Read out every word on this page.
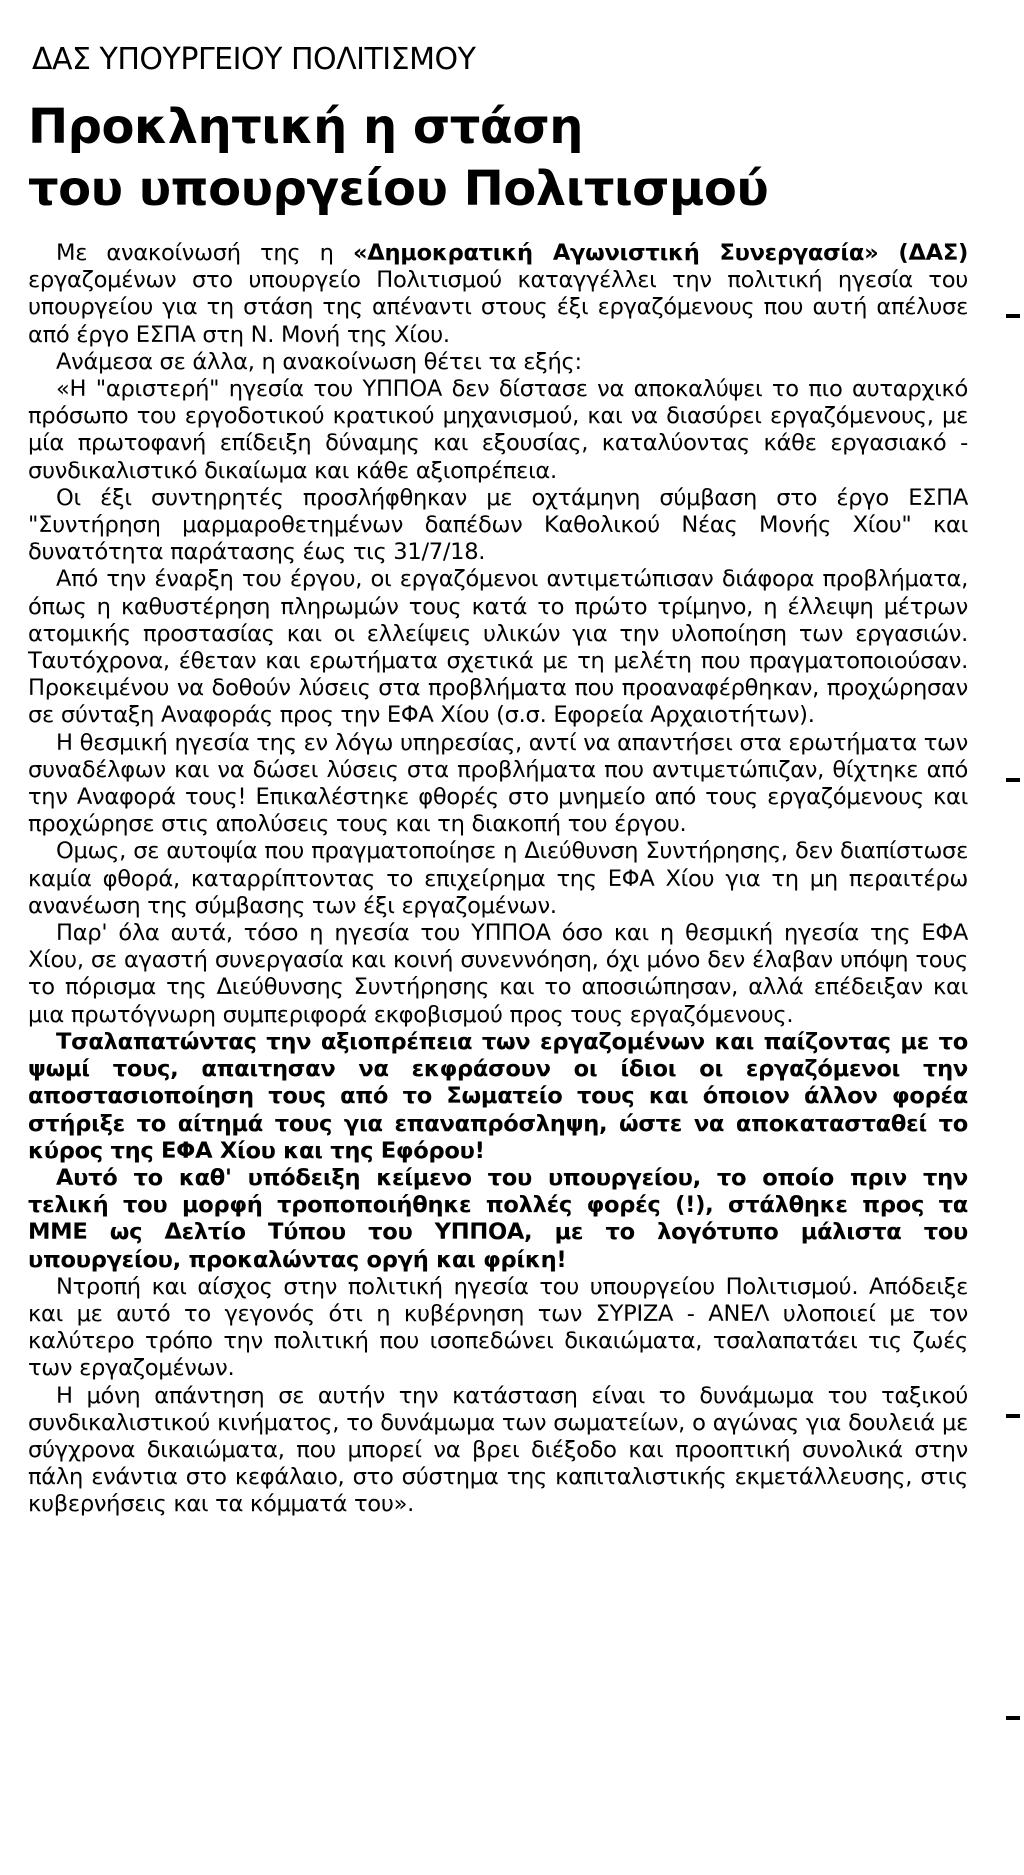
ΔΑΣ ΥΠΟΥΡΓΕΙΟΥ ΠΟΛΙΤΙΣΜΟΥ
Προκλητική η στάση
του υπουργείου Πολιτισμού

Με ανακοίνωσή της η «Δημοκρατική Αγωνιστική Συνεργασία» (ΔΑΣ) εργαζομένων στο υπουργείο Πολιτισμού καταγγέλλει την πολιτική ηγεσία του υπουργείου για τη στάση της απέναντι στους έξι εργαζόμενους που αυτή απέλυσε από έργο ΕΣΠΑ στη Ν. Μονή της Χίου.

Ανάμεσα σε άλλα, η ανακοίνωση θέτει τα εξής:

«Η "αριστερή" ηγεσία του ΥΠΠΟΑ δεν δίστασε να αποκαλύψει το πιο αυταρχικό πρόσωπο του εργοδοτικού κρατικού μηχανισμού, και να διασύρει εργαζόμενους, με μία πρωτοφανή επίδειξη δύναμης και εξουσίας, καταλύοντας κάθε εργασιακό - συνδικαλιστικό δικαίωμα και κάθε αξιοπρέπεια.

Οι έξι συντηρητές προσλήφθηκαν με οχτάμηνη σύμβαση στο έργο ΕΣΠΑ "Συντήρηση μαρμαροθετημένων δαπέδων Καθολικού Νέας Μονής Χίου" και δυνατότητα παράτασης έως τις 31/7/18.

Από την έναρξη του έργου, οι εργαζόμενοι αντιμετώπισαν διάφορα προβλήματα, όπως η καθυστέρηση πληρωμών τους κατά το πρώτο τρίμηνο, η έλλειψη μέτρων ατομικής προστασίας και οι ελλείψεις υλικών για την υλοποίηση των εργασιών. Ταυτόχρονα, έθεταν και ερωτήματα σχετικά με τη μελέτη που πραγματοποιούσαν. Προκειμένου να δοθούν λύσεις στα προβλήματα που προαναφέρθηκαν, προχώρησαν σε σύνταξη Αναφοράς προς την ΕΦΑ Χίου (σ.σ. Εφορεία Αρχαιοτήτων).

Η θεσμική ηγεσία της εν λόγω υπηρεσίας, αντί να απαντήσει στα ερωτήματα των συναδέλφων και να δώσει λύσεις στα προβλήματα που αντιμετώπιζαν, θίχτηκε από την Αναφορά τους! Επικαλέστηκε φθορές στο μνημείο από τους εργαζόμενους και προχώρησε στις απολύσεις τους και τη διακοπή του έργου.

Ομως, σε αυτοψία που πραγματοποίησε η Διεύθυνση Συντήρησης, δεν διαπίστωσε καμία φθορά, καταρρίπτοντας το επιχείρημα της ΕΦΑ Χίου για τη μη περαιτέρω ανανέωση της σύμβασης των έξι εργαζομένων.

Παρ' όλα αυτά, τόσο η ηγεσία του ΥΠΠΟΑ όσο και η θεσμική ηγεσία της ΕΦΑ Χίου, σε αγαστή συνεργασία και κοινή συνεννόηση, όχι μόνο δεν έλαβαν υπόψη τους το πόρισμα της Διεύθυνσης Συντήρησης και το αποσιώπησαν, αλλά επέδειξαν και μια πρωτόγνωρη συμπεριφορά εκφοβισμού προς τους εργαζόμενους.

Τσαλαπατώντας την αξιοπρέπεια των εργαζομένων και παίζοντας με το ψωμί τους, απαιτησαν να εκφράσουν οι ίδιοι οι εργαζόμενοι την αποστασιοποίηση τους από το Σωματείο τους και όποιον άλλον φορέα στήριξε το αίτημά τους για επαναπρόσληψη, ώστε να αποκατασταθεί το κύρος της ΕΦΑ Χίου και της Εφόρου!

Αυτό το καθ' υπόδειξη κείμενο του υπουργείου, το οποίο πριν την τελική του μορφή τροποποιήθηκε πολλές φορές (!), στάλθηκε προς τα ΜΜΕ ως Δελτίο Τύπου του ΥΠΠΟΑ, με το λογότυπο μάλιστα του υπουργείου, προκαλώντας οργή και φρίκη!

Ντροπή και αίσχος στην πολιτική ηγεσία του υπουργείου Πολιτισμού. Απόδειξε και με αυτό το γεγονός ότι η κυβέρνηση των ΣΥΡΙΖΑ - ΑΝΕΛ υλοποιεί με τον καλύτερο τρόπο την πολιτική που ισοπεδώνει δικαιώματα, τσαλαπατάει τις ζωές των εργαζομένων.

Η μόνη απάντηση σε αυτήν την κατάσταση είναι το δυνάμωμα του ταξικού συνδικαλιστικού κινήματος, το δυνάμωμα των σωματείων, ο αγώνας για δουλειά με σύγχρονα δικαιώματα, που μπορεί να βρει διέξοδο και προοπτική συνολικά στην πάλη ενάντια στο κεφάλαιο, στο σύστημα της καπιταλιστικής εκμετάλλευσης, στις κυβερνήσεις και τα κόμματά του».
